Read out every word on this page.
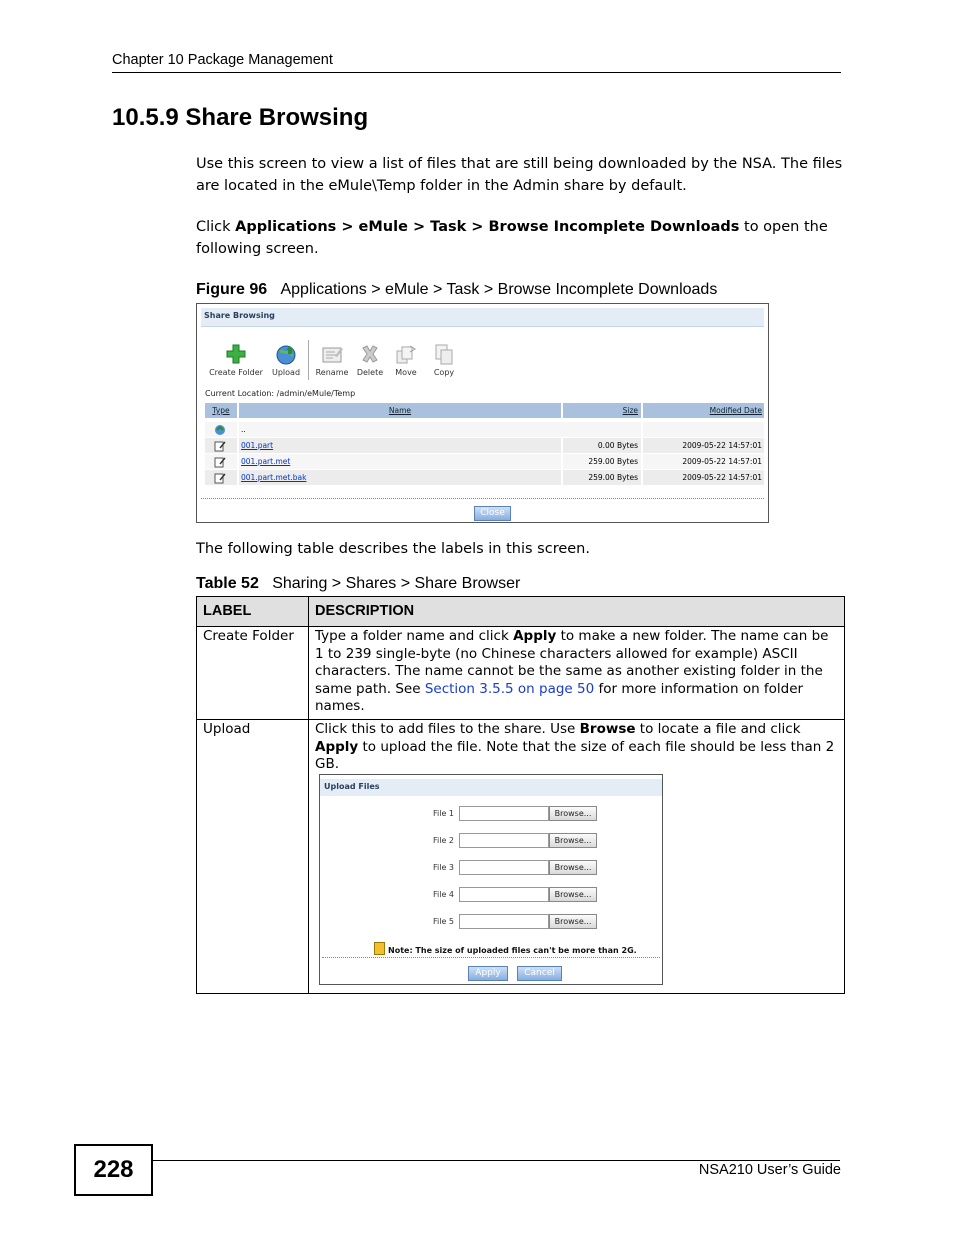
Chapter 10 Package Management
10.5.9 Share Browsing
Use this screen to view a list of files that are still being downloaded by the NSA. The files are located in the eMule\Temp folder in the Admin share by default.
Click Applications > eMule > Task > Browse Incomplete Downloads to open the following screen.
Figure 96 Applications > eMule > Task > Browse Incomplete Downloads
Share Browsing
Create Folder	Upload	Rename	Delete	Move	Copy
Current Location: /admin/eMule/Temp
Type	Name	Size	Modified Date
..
001.part	0.00 Bytes	2009-05-22 14:57:01
001.part.met	259.00 Bytes	2009-05-22 14:57:01
001.part.met.bak	259.00 Bytes	2009-05-22 14:57:01
Close
The following table describes the labels in this screen.
Table 52 Sharing > Shares > Share Browser
LABEL	DESCRIPTION
Create Folder	Type a folder name and click Apply to make a new folder. The name can be 1 to 239 single-byte (no Chinese characters allowed for example) ASCII characters. The name cannot be the same as another existing folder in the same path. See Section 3.5.5 on page 50 for more information on folder names.
Upload	Click this to add files to the share. Use Browse to locate a file and click Apply to upload the file. Note that the size of each file should be less than 2 GB.
Upload Files
File 1	Browse...
File 2	Browse...
File 3	Browse...
File 4	Browse...
File 5	Browse...
Note: The size of uploaded files can't be more than 2G.
Apply	Cancel
228	NSA210 User’s Guide
